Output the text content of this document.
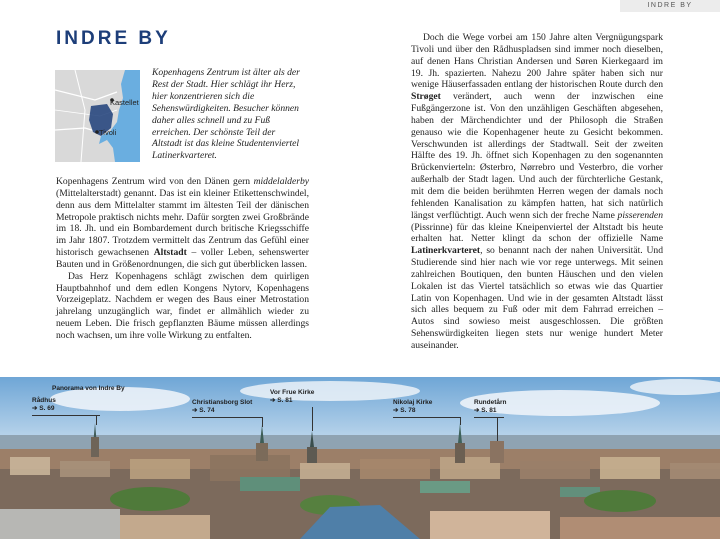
INDRE BY
INDRE BY
Kastellet
Tivoli

Kopenhagens Zentrum ist älter als der Rest der Stadt. Hier schlägt ihr Herz, hier konzentrieren sich die Sehenswürdigkeiten. Besucher können daher alles schnell und zu Fuß erreichen. Der schönste Teil der Altstadt ist das kleine Studentenviertel Latinerkvarteret.

Kopenhagens Zentrum wird von den Dänen gern middelalderby (Mittelalterstadt) genannt. Das ist ein kleiner Etikettenschwindel, denn aus dem Mittelalter stammt im ältesten Teil der dänischen Metropole praktisch nichts mehr. Dafür sorgten zwei Großbrände im 18. Jh. und ein Bombardement durch britische Kriegsschiffe im Jahr 1807. Trotzdem vermittelt das Zentrum das Gefühl einer historisch gewachsenen Altstadt – voller Leben, sehenswerter Bauten und in Größenordnungen, die sich gut überblicken lassen.

Das Herz Kopenhagens schlägt zwischen dem quirligen Hauptbahnhof und dem edlen Kongens Nytorv, Kopenhagens Vorzeigeplatz. Nachdem er wegen des Baus einer Metrostation jahrelang unzugänglich war, findet er allmählich wieder zu neuem Leben. Die frisch gepflanzten Bäume müssen allerdings noch wachsen, um ihre volle Wirkung zu entfalten.

Doch die Wege vorbei am 150 Jahre alten Vergnügungspark Tivoli und über den Rådhuspladsen sind immer noch dieselben, auf denen Hans Christian Andersen und Søren Kierkegaard im 19. Jh. spazierten. Nahezu 200 Jahre später haben sich nur wenige Häuserfassaden entlang der historischen Route durch den Strøget verändert, auch wenn der inzwischen eine Fußgängerzone ist. Von den unzähligen Geschäften abgesehen, haben der Märchendichter und der Philosoph die Straßen genauso wie die Kopenhagener heute zu Gesicht bekommen. Verschwunden ist allerdings der Stadtwall. Seit der zweiten Hälfte des 19. Jh. öffnet sich Kopenhagen zu den sogenannten Brückenvierteln: Østerbro, Nørrebro und Vesterbro, die vorher außerhalb der Stadt lagen. Und auch der fürchterliche Gestank, mit dem die beiden berühmten Herren wegen der damals noch fehlenden Kanalisation zu kämpfen hatten, hat sich natürlich längst verflüchtigt. Auch wenn sich der freche Name pisserenden (Pissrinne) für das kleine Kneipenviertel der Altstadt bis heute erhalten hat. Netter klingt da schon der offizielle Name Latinerkvarteret, so benannt nach der nahen Universität. Und Studierende sind hier nach wie vor rege unterwegs. Mit seinen zahlreichen Boutiquen, den bunten Häuschen und den vielen Lokalen ist das Viertel tatsächlich so etwas wie das Quartier Latin von Kopenhagen. Und wie in der gesamten Altstadt lässt sich alles bequem zu Fuß oder mit dem Fahrrad erreichen – Autos sind sowieso meist ausgeschlossen. Die größten Sehenswürdigkeiten liegen stets nur wenige hundert Meter auseinander.

Panorama von Indre By
Rådhus
➔ S. 69
Christiansborg Slot
➔ S. 74
Vor Frue Kirke
➔ S. 81	Nikolaj Kirke
➔ S. 78
Rundetårn
➔ S. 81
